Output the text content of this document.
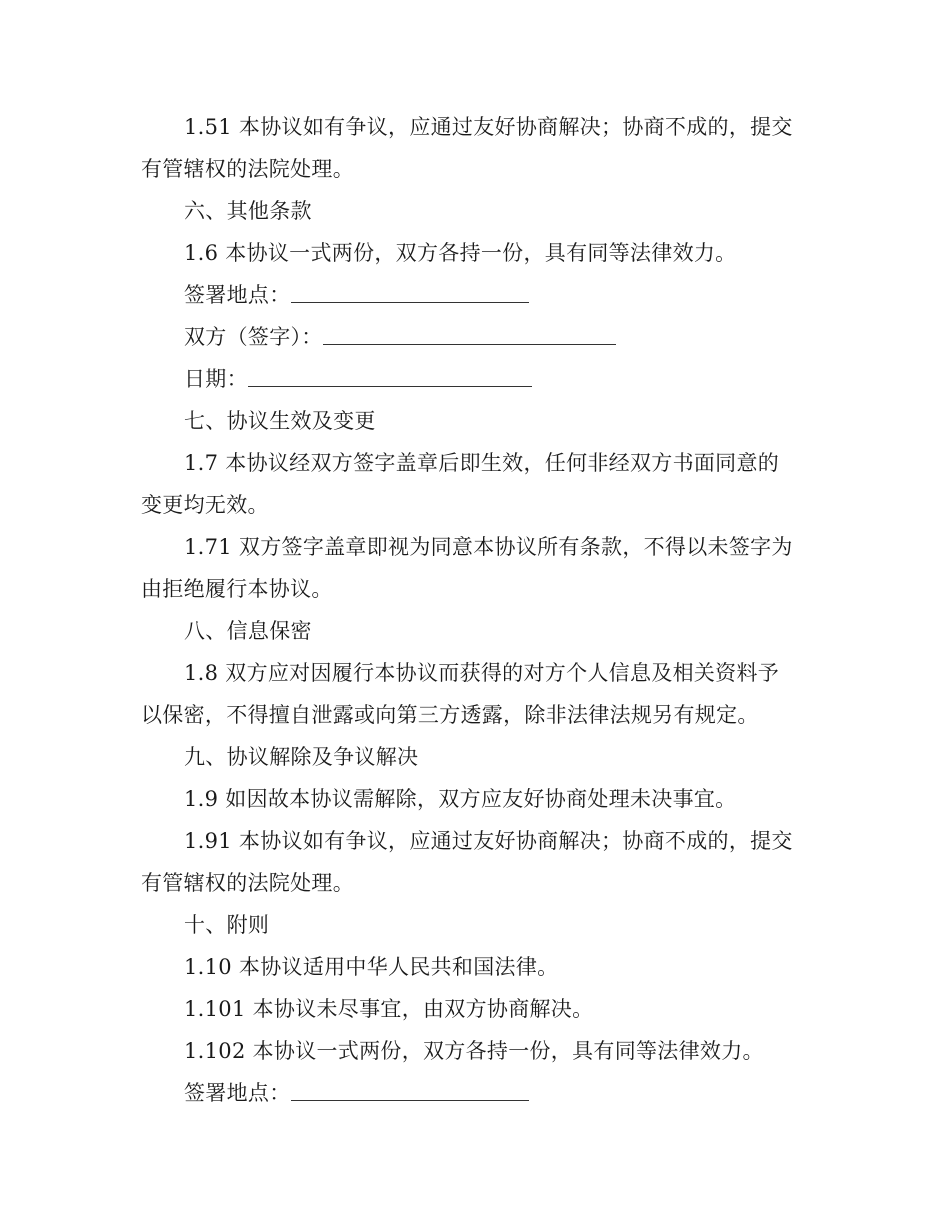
1.51 本协议如有争议，应通过友好协商解决；协商不成的，提交
有管辖权的法院处理。
六、其他条款
1.6 本协议一式两份，双方各持一份，具有同等法律效力。
签署地点：
双方（签字）：
日期：
七、协议生效及变更
1.7 本协议经双方签字盖章后即生效，任何非经双方书面同意的
变更均无效。
1.71 双方签字盖章即视为同意本协议所有条款，不得以未签字为
由拒绝履行本协议。
八、信息保密
1.8 双方应对因履行本协议而获得的对方个人信息及相关资料予
以保密，不得擅自泄露或向第三方透露，除非法律法规另有规定。
九、协议解除及争议解决
1.9 如因故本协议需解除，双方应友好协商处理未决事宜。
1.91 本协议如有争议，应通过友好协商解决；协商不成的，提交
有管辖权的法院处理。
十、附则
1.10 本协议适用中华人民共和国法律。
1.101 本协议未尽事宜，由双方协商解决。
1.102 本协议一式两份，双方各持一份，具有同等法律效力。
签署地点：
